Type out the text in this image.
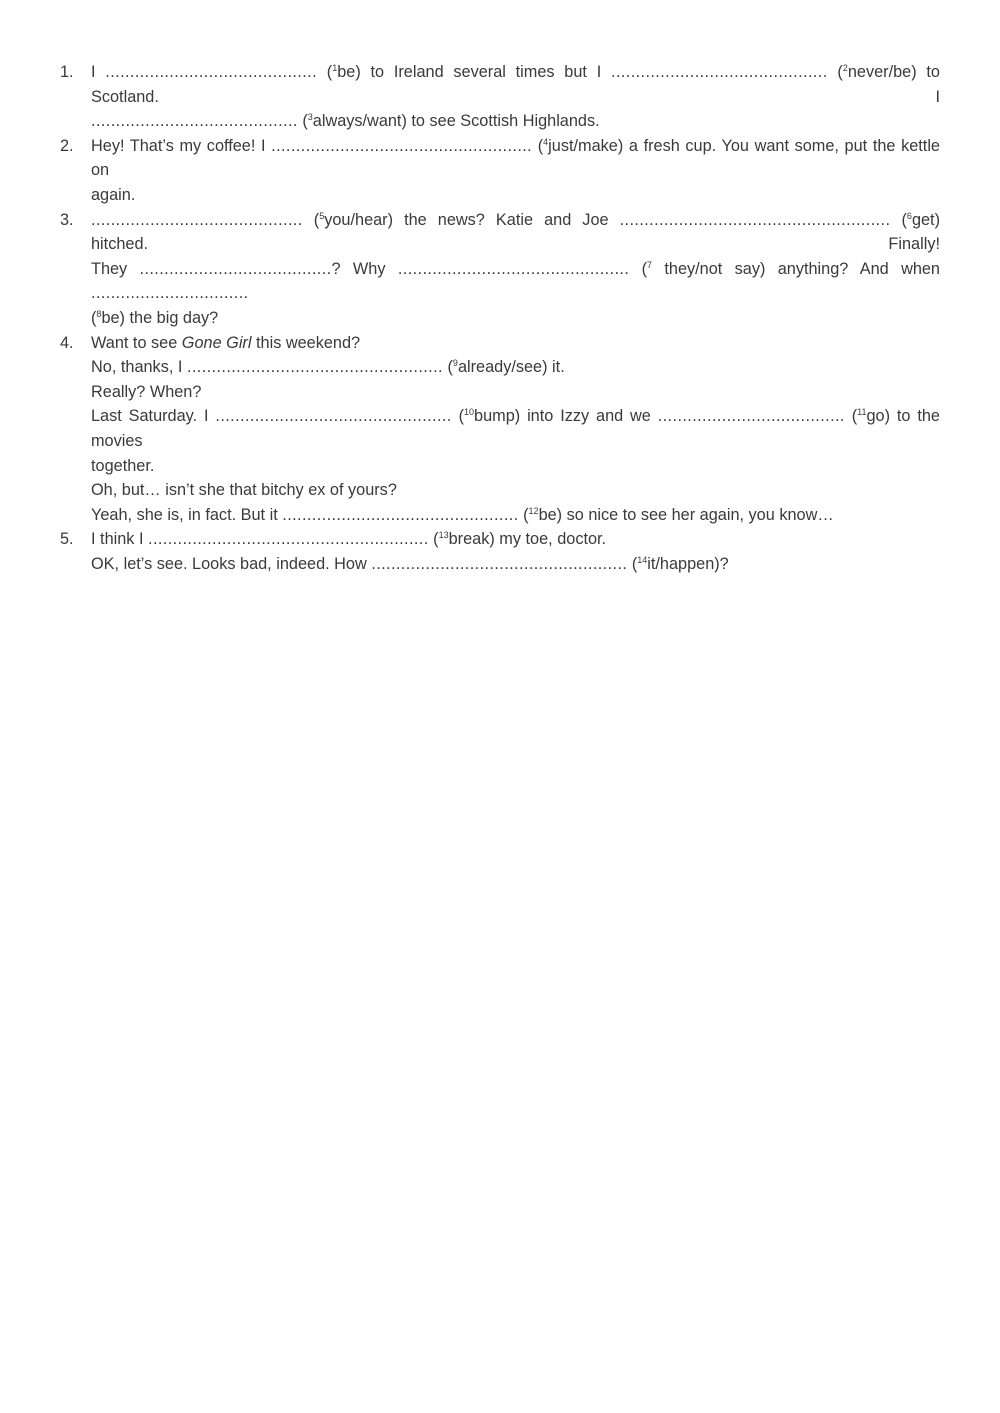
1. I ........................................... ($^1$be) to Ireland several times but I ............................................ ($^2$never/be) to Scotland. I
.......................................... ($^3$always/want) to see Scottish Highlands.
2. Hey! That’s my coffee! I ..................................................... ($^4$just/make) a fresh cup. You want some, put the kettle on
again.
3. ........................................... ($^5$you/hear) the news? Katie and Joe ....................................................... ($^6$get) hitched. Finally!
They .......................................? Why ............................................... ($^7$ they/not say) anything? And when ................................
($^8$be) the big day?
4. Want to see Gone Girl this weekend?
No, thanks, I .................................................... ($^9$already/see) it.
Really? When?
Last Saturday. I ................................................ ($^{10}$bump) into Izzy and we ...................................... ($^{11}$go) to the movies
together.
Oh, but… isn’t she that bitchy ex of yours?
Yeah, she is, in fact. But it ................................................ ($^{12}$be) so nice to see her again, you know…
5. I think I ......................................................... ($^{13}$break) my toe, doctor.
OK, let’s see. Looks bad, indeed. How .................................................... ($^{14}$it/happen)?
